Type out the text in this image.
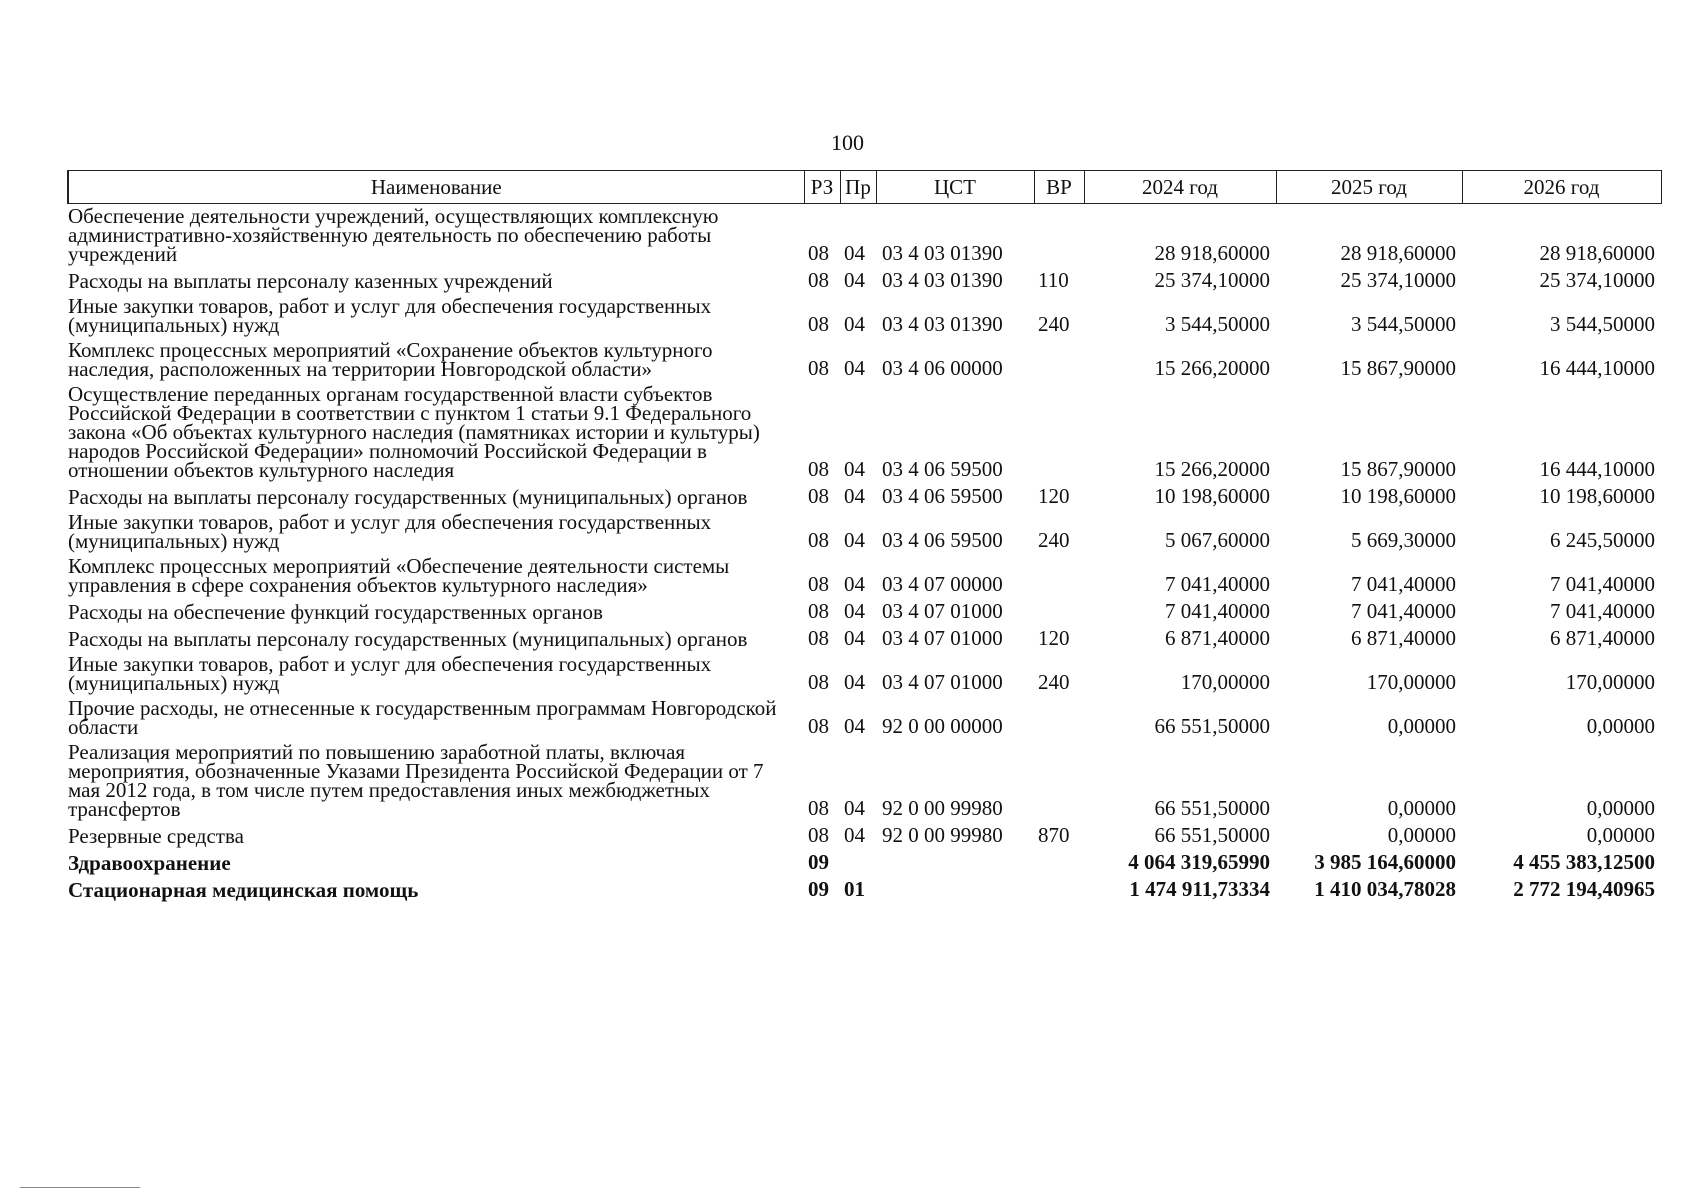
100
Наименование	РЗ	Пр	ЦСТ	ВР	2024 год	2025 год	2026 год
Обеспечение деятельности учреждений, осуществляющих комплексную административно-хозяйственную деятельность по обеспечению работы учреждений	08	04	03 4 03 01390		28 918,60000	28 918,60000	28 918,60000
Расходы на выплаты персоналу казенных учреждений	08	04	03 4 03 01390	110	25 374,10000	25 374,10000	25 374,10000
Иные закупки товаров, работ и услуг для обеспечения государственных (муниципальных) нужд	08	04	03 4 03 01390	240	3 544,50000	3 544,50000	3 544,50000
Комплекс процессных мероприятий «Сохранение объектов культурного наследия, расположенных на территории Новгородской области»	08	04	03 4 06 00000		15 266,20000	15 867,90000	16 444,10000
Осуществление переданных органам государственной власти субъектов Российской Федерации в соответствии с пунктом 1 статьи 9.1 Федерального закона «Об объектах культурного наследия (памятниках истории и культуры) народов Российской Федерации» полномочий Российской Федерации в отношении объектов культурного наследия	08	04	03 4 06 59500		15 266,20000	15 867,90000	16 444,10000
Расходы на выплаты персоналу государственных (муниципальных) органов	08	04	03 4 06 59500	120	10 198,60000	10 198,60000	10 198,60000
Иные закупки товаров, работ и услуг для обеспечения государственных (муниципальных) нужд	08	04	03 4 06 59500	240	5 067,60000	5 669,30000	6 245,50000
Комплекс процессных мероприятий «Обеспечение деятельности системы управления в сфере сохранения объектов культурного наследия»	08	04	03 4 07 00000		7 041,40000	7 041,40000	7 041,40000
Расходы на обеспечение функций государственных органов	08	04	03 4 07 01000		7 041,40000	7 041,40000	7 041,40000
Расходы на выплаты персоналу государственных (муниципальных) органов	08	04	03 4 07 01000	120	6 871,40000	6 871,40000	6 871,40000
Иные закупки товаров, работ и услуг для обеспечения государственных (муниципальных) нужд	08	04	03 4 07 01000	240	170,00000	170,00000	170,00000
Прочие расходы, не отнесенные к государственным программам Новгородской области	08	04	92 0 00 00000		66 551,50000	0,00000	0,00000
Реализация мероприятий по повышению заработной платы, включая мероприятия, обозначенные Указами Президента Российской Федерации от 7 мая 2012 года, в том числе путем предоставления иных межбюджетных трансфертов	08	04	92 0 00 99980		66 551,50000	0,00000	0,00000
Резервные средства	08	04	92 0 00 99980	870	66 551,50000	0,00000	0,00000
Здравоохранение	09				4 064 319,65990	3 985 164,60000	4 455 383,12500
Стационарная медицинская помощь	09	01			1 474 911,73334	1 410 034,78028	2 772 194,40965
